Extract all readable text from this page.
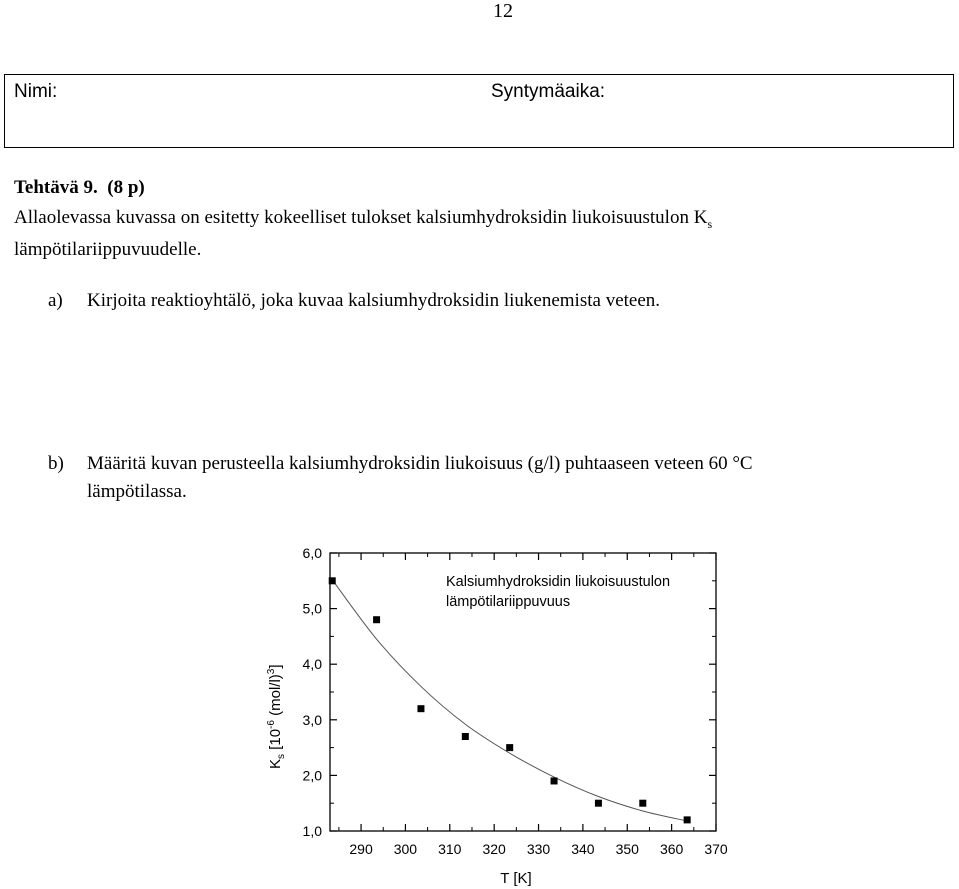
12
Nimi:	Syntymäaika:
Tehtävä 9. (8 p)
Allaolevassa kuvassa on esitetty kokeelliset tulokset kalsiumhydroksidin liukoisuustulon $K_s$
lämpötilariippuvuudelle.
a) Kirjoita reaktioyhtälö, joka kuvaa kalsiumhydroksidin liukenemista veteen.
b) Määritä kuvan perusteella kalsiumhydroksidin liukoisuus (g/l) puhtaaseen veteen 60 °C
lämpötilassa.
1,0
2,0
3,0
4,0
5,0
6,0
290 300 310 320 330 340 350 360 370
Kalsiumhydroksidin liukoisuustulon
lämpötilariippuvuus
T [K]
$K_s$ [$10^{-6}$ $(mol/l)^3$]
